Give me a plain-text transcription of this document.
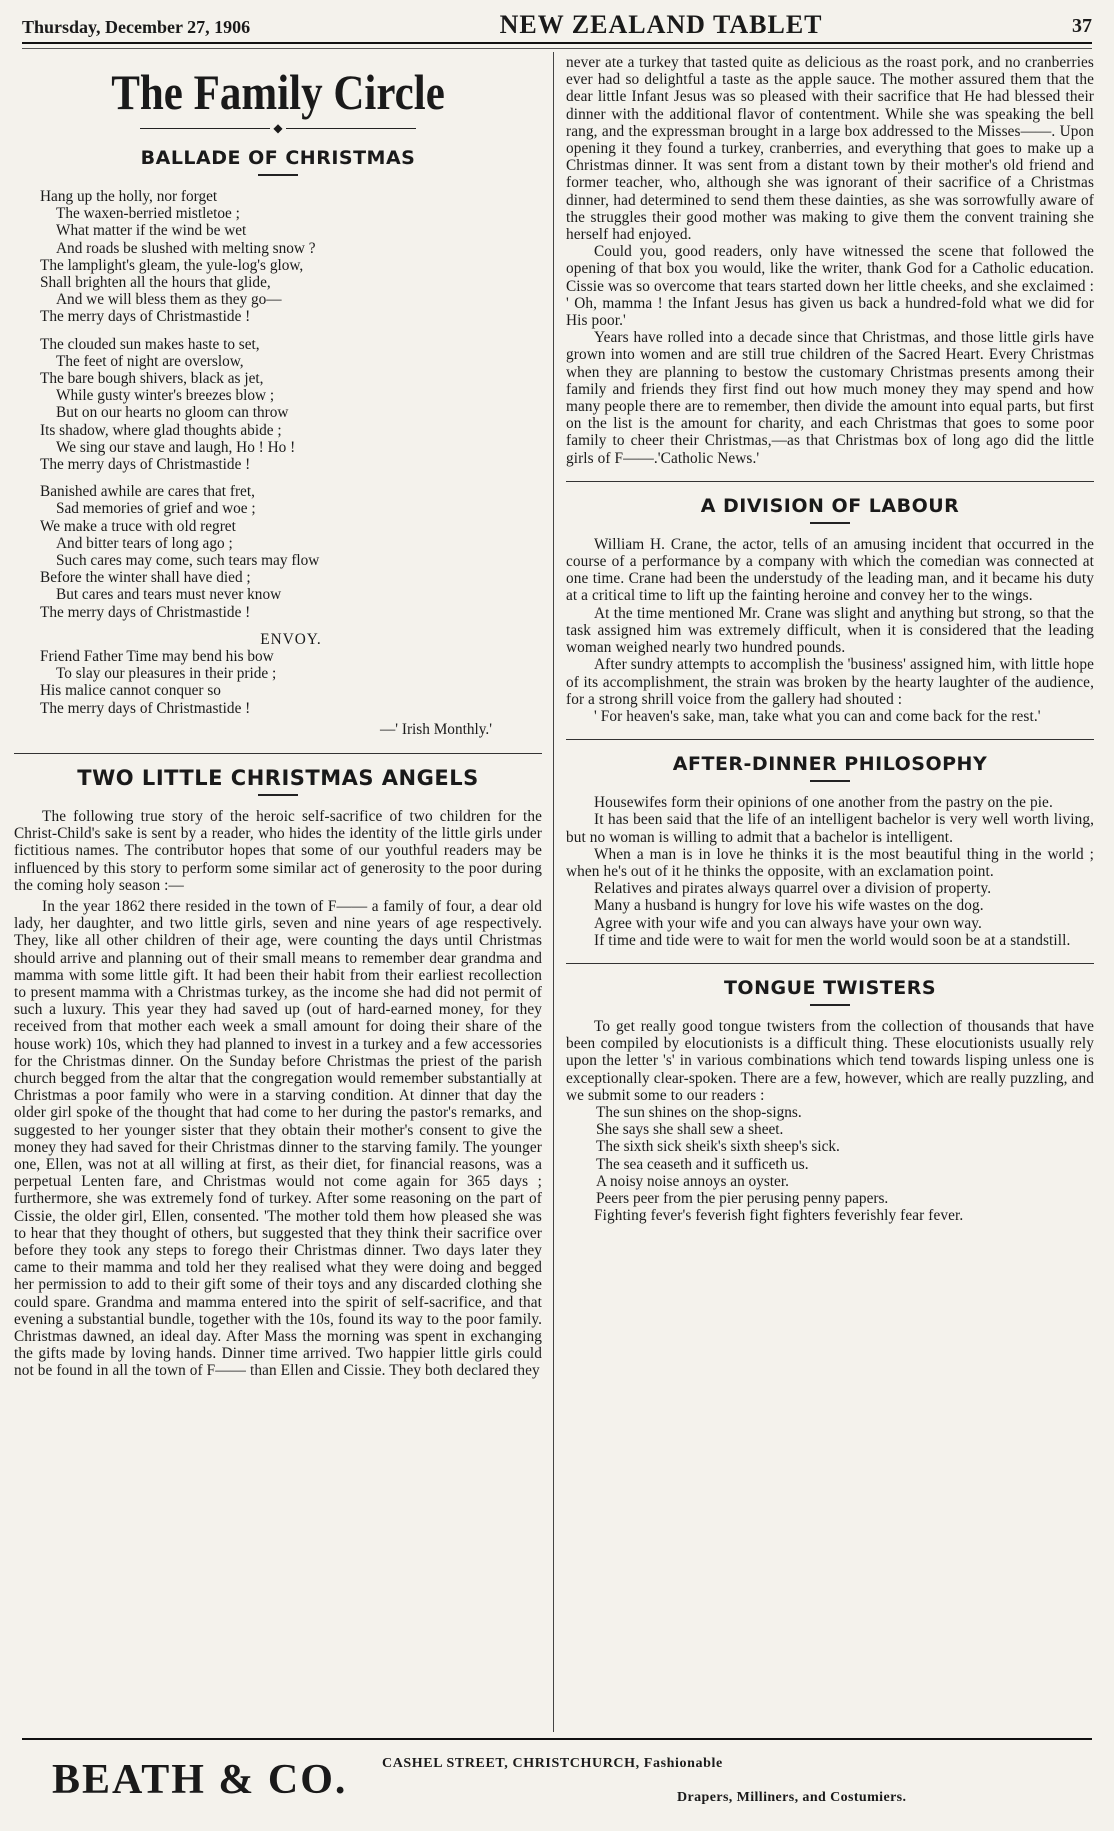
Thursday, December 27, 1906	NEW ZEALAND TABLET	37
The Family Circle
◆
BALLADE OF CHRISTMAS
Hang up the holly, nor forget
The waxen-berried mistletoe ;
What matter if the wind be wet
And roads be slushed with melting snow ?
The lamplight's gleam, the yule-log's glow,
Shall brighten all the hours that glide,
And we will bless them as they go—
The merry days of Christmastide !
The clouded sun makes haste to set,
The feet of night are overslow,
The bare bough shivers, black as jet,
While gusty winter's breezes blow ;
But on our hearts no gloom can throw
Its shadow, where glad thoughts abide ;
We sing our stave and laugh, Ho ! Ho !
The merry days of Christmastide !
Banished awhile are cares that fret,
Sad memories of grief and woe ;
We make a truce with old regret
And bitter tears of long ago ;
Such cares may come, such tears may flow
Before the winter shall have died ;
But cares and tears must never know
The merry days of Christmastide !
ENVOY.
Friend Father Time may bend his bow
To slay our pleasures in their pride ;
His malice cannot conquer so
The merry days of Christmastide !
—' Irish Monthly.'
TWO LITTLE CHRISTMAS ANGELS

The following true story of the heroic self-sacrifice of two children for the Christ-Child's sake is sent by a reader, who hides the identity of the little girls under fictitious names. The contributor hopes that some of our youthful readers may be influenced by this story to perform some similar act of generosity to the poor during the coming holy season :—

In the year 1862 there resided in the town of F—— a family of four, a dear old lady, her daughter, and two little girls, seven and nine years of age respectively. They, like all other children of their age, were counting the days until Christmas should arrive and planning out of their small means to remember dear grandma and mamma with some little gift. It had been their habit from their earliest recollection to present mamma with a Christmas turkey, as the income she had did not permit of such a luxury. This year they had saved up (out of hard-earned money, for they received from that mother each week a small amount for doing their share of the house work) 10s, which they had planned to invest in a turkey and a few accessories for the Christmas dinner. On the Sunday before Christmas the priest of the parish church begged from the altar that the congregation would remember substantially at Christmas a poor family who were in a starving condition. At dinner that day the older girl spoke of the thought that had come to her during the pastor's remarks, and suggested to her younger sister that they obtain their mother's consent to give the money they had saved for their Christmas dinner to the starving family. The younger one, Ellen, was not at all willing at first, as their diet, for financial reasons, was a perpetual Lenten fare, and Christmas would not come again for 365 days ; furthermore, she was extremely fond of turkey. After some reasoning on the part of Cissie, the older girl, Ellen, consented. 'The mother told them how pleased she was to hear that they thought of others, but suggested that they think their sacrifice over before they took any steps to forego their Christmas dinner. Two days later they came to their mamma and told her they realised what they were doing and begged her permission to add to their gift some of their toys and any discarded clothing she could spare. Grandma and mamma entered into the spirit of self-sacrifice, and that evening a substantial bundle, together with the 10s, found its way to the poor family. Christmas dawned, an ideal day. After Mass the morning was spent in exchanging the gifts made by loving hands. Dinner time arrived. Two happier little girls could not be found in all the town of F—— than Ellen and Cissie. They both declared they

never ate a turkey that tasted quite as delicious as the roast pork, and no cranberries ever had so delightful a taste as the apple sauce. The mother assured them that the dear little Infant Jesus was so pleased with their sacrifice that He had blessed their dinner with the additional flavor of contentment. While she was speaking the bell rang, and the expressman brought in a large box addressed to the Misses——. Upon opening it they found a turkey, cranberries, and everything that goes to make up a Christmas dinner. It was sent from a distant town by their mother's old friend and former teacher, who, although she was ignorant of their sacrifice of a Christmas dinner, had determined to send them these dainties, as she was sorrowfully aware of the struggles their good mother was making to give them the convent training she herself had enjoyed.

Could you, good readers, only have witnessed the scene that followed the opening of that box you would, like the writer, thank God for a Catholic education. Cissie was so overcome that tears started down her little cheeks, and she exclaimed : ' Oh, mamma ! the Infant Jesus has given us back a hundred-fold what we did for His poor.'

Years have rolled into a decade since that Christmas, and those little girls have grown into women and are still true children of the Sacred Heart. Every Christmas when they are planning to bestow the customary Christmas presents among their family and friends they first find out how much money they may spend and how many people there are to remember, then divide the amount into equal parts, but first on the list is the amount for charity, and each Christmas that goes to some poor family to cheer their Christmas,—as that Christmas box of long ago did the little girls of F——.'Catholic News.'

A DIVISION OF LABOUR

William H. Crane, the actor, tells of an amusing incident that occurred in the course of a performance by a company with which the comedian was connected at one time. Crane had been the understudy of the leading man, and it became his duty at a critical time to lift up the fainting heroine and convey her to the wings.

At the time mentioned Mr. Crane was slight and anything but strong, so that the task assigned him was extremely difficult, when it is considered that the leading woman weighed nearly two hundred pounds.

After sundry attempts to accomplish the 'business' assigned him, with little hope of its accomplishment, the strain was broken by the hearty laughter of the audience, for a strong shrill voice from the gallery had shouted :

' For heaven's sake, man, take what you can and come back for the rest.'

AFTER-DINNER PHILOSOPHY

Housewifes form their opinions of one another from the pastry on the pie.

It has been said that the life of an intelligent bachelor is very well worth living, but no woman is willing to admit that a bachelor is intelligent.

When a man is in love he thinks it is the most beautiful thing in the world ; when he's out of it he thinks the opposite, with an exclamation point.

Relatives and pirates always quarrel over a division of property.

Many a husband is hungry for love his wife wastes on the dog.

Agree with your wife and you can always have your own way.

If time and tide were to wait for men the world would soon be at a standstill.

TONGUE TWISTERS

To get really good tongue twisters from the collection of thousands that have been compiled by elocutionists is a difficult thing. These elocutionists usually rely upon the letter 's' in various combinations which tend towards lisping unless one is exceptionally clear-spoken. There are a few, however, which are really puzzling, and we submit some to our readers :

The sun shines on the shop-signs.
She says she shall sew a sheet.
The sixth sick sheik's sixth sheep's sick.
The sea ceaseth and it sufficeth us.
A noisy noise annoys an oyster.
Peers peer from the pier perusing penny papers.

Fighting fever's feverish fight fighters feverishly fear fever.

BEATH & CO. CASHEL STREET, CHRISTCHURCH, Fashionable
Drapers, Milliners, and Costumiers.
